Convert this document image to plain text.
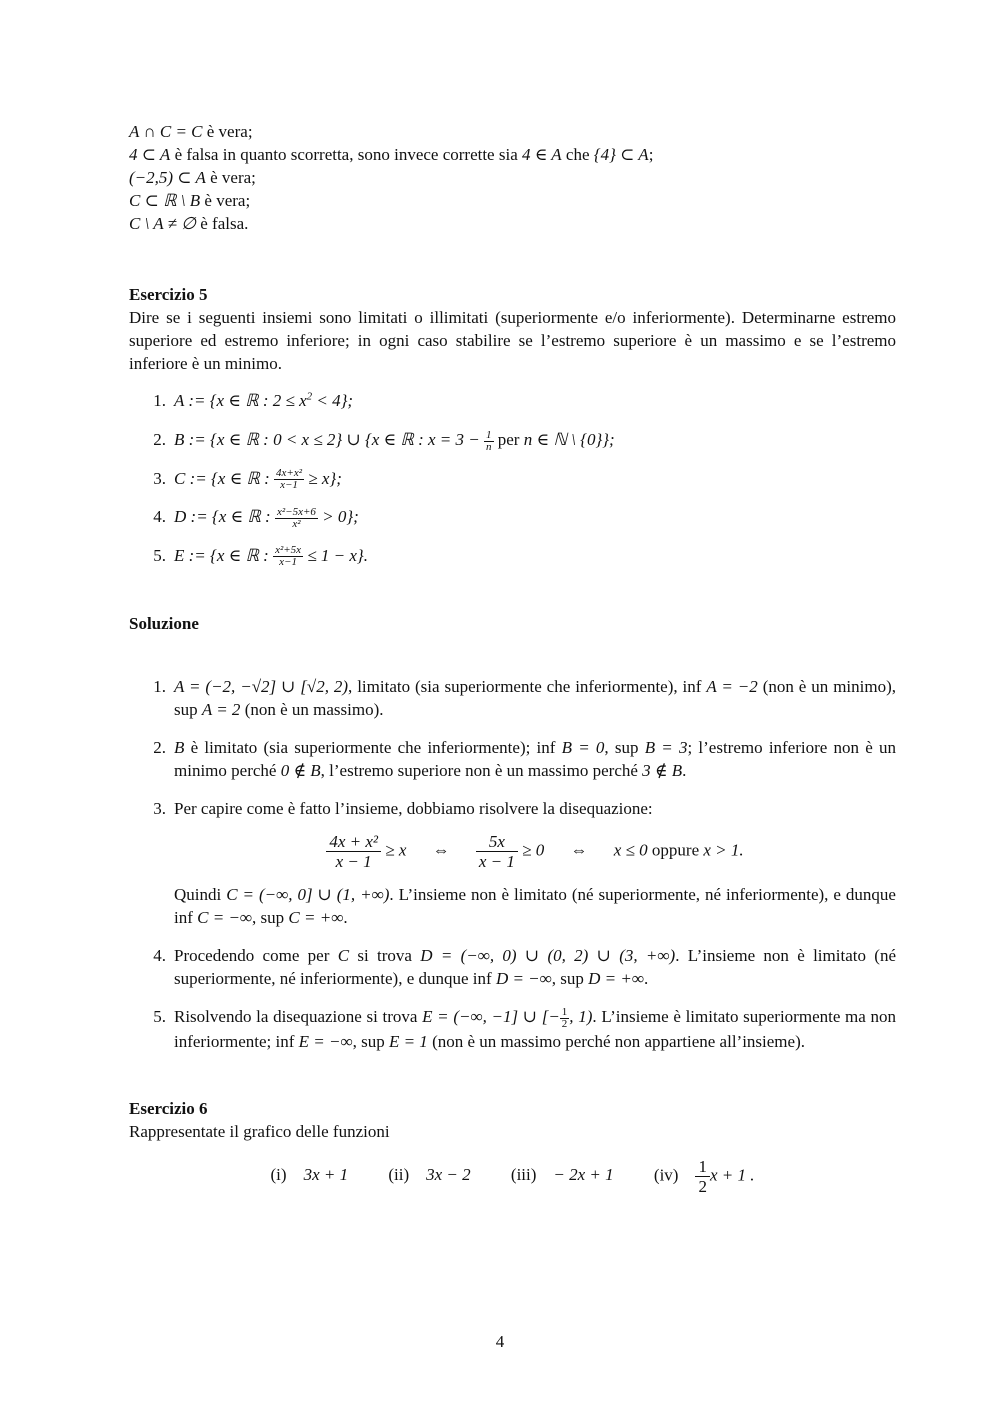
A ∩ C = C è vera;
4 ⊂ A è falsa in quanto scorretta, sono invece corrette sia 4 ∈ A che {4} ⊂ A;
(−2,5) ⊂ A è vera;
C ⊂ ℝ \ B è vera;
C \ A ≠ ∅ è falsa.

Esercizio 5

Dire se i seguenti insiemi sono limitati o illimitati (superiormente e/o inferiormente). Determinarne estremo superiore ed estremo inferiore; in ogni caso stabilire se l’estremo superiore è un massimo e se l’estremo inferiore è un minimo.

1. A := {x ∈ ℝ : $2 \le x^2 < 4$};
2. B := {x ∈ ℝ : 0 < x ≤ 2} ∪ {x ∈ ℝ : $x = 3 - \frac{1}{n}$ per n ∈ ℕ \ {0}};
3. C := {x ∈ ℝ : $\frac{\text{4x+x²}}{x-1} \ge x$};
4. D := {x ∈ ℝ : $\frac{\text{x²−5x+6}}{\text{x²}} > 0$};
5. E := {x ∈ ℝ : $\frac{\text{x²+5x}}{x-1} \le 1 - x$}.

Soluzione

1. A = (−2, −√2] ∪ [√2, 2), limitato (sia superiormente che inferiormente), inf A = −2 (non è un minimo), sup A = 2 (non è un massimo).
2. B è limitato (sia superiormente che inferiormente); inf B = 0, sup B = 3; l’estremo inferiore non è un minimo perché 0 ∉ B, l’estremo superiore non è un massimo perché 3 ∉ B.
3. Per capire come è fatto l’insieme, dobbiamo risolvere la disequazione:
$\frac{\text{4x + x²}}{x - 1} \ge x$ ⇔ $\frac{5x}{x - 1} \ge 0$ ⇔ x ≤ 0 oppure x > 1.
Quindi C = (−∞, 0] ∪ (1, +∞). L’insieme non è limitato (né superiormente, né inferiormente), e dunque inf C = −∞, sup C = +∞.
4. Procedendo come per C si trova D = (−∞, 0) ∪ (0, 2) ∪ (3, +∞). L’insieme non è limitato (né superiormente, né inferiormente), e dunque inf D = −∞, sup D = +∞.
5. Risolvendo la disequazione si trova E = (−∞, −1] ∪ [− $\frac{1}{2}$ , 1). L’insieme è limitato superiormente ma non inferiormente; inf E = −∞, sup E = 1 (non è un massimo perché non appartiene all’insieme).

Esercizio 6

Rappresentate il grafico delle funzioni

(i) 3x + 1 (ii) 3x − 2 (iii) − 2x + 1 $(iv) \frac{1}{2}$ x + 1 .
4
